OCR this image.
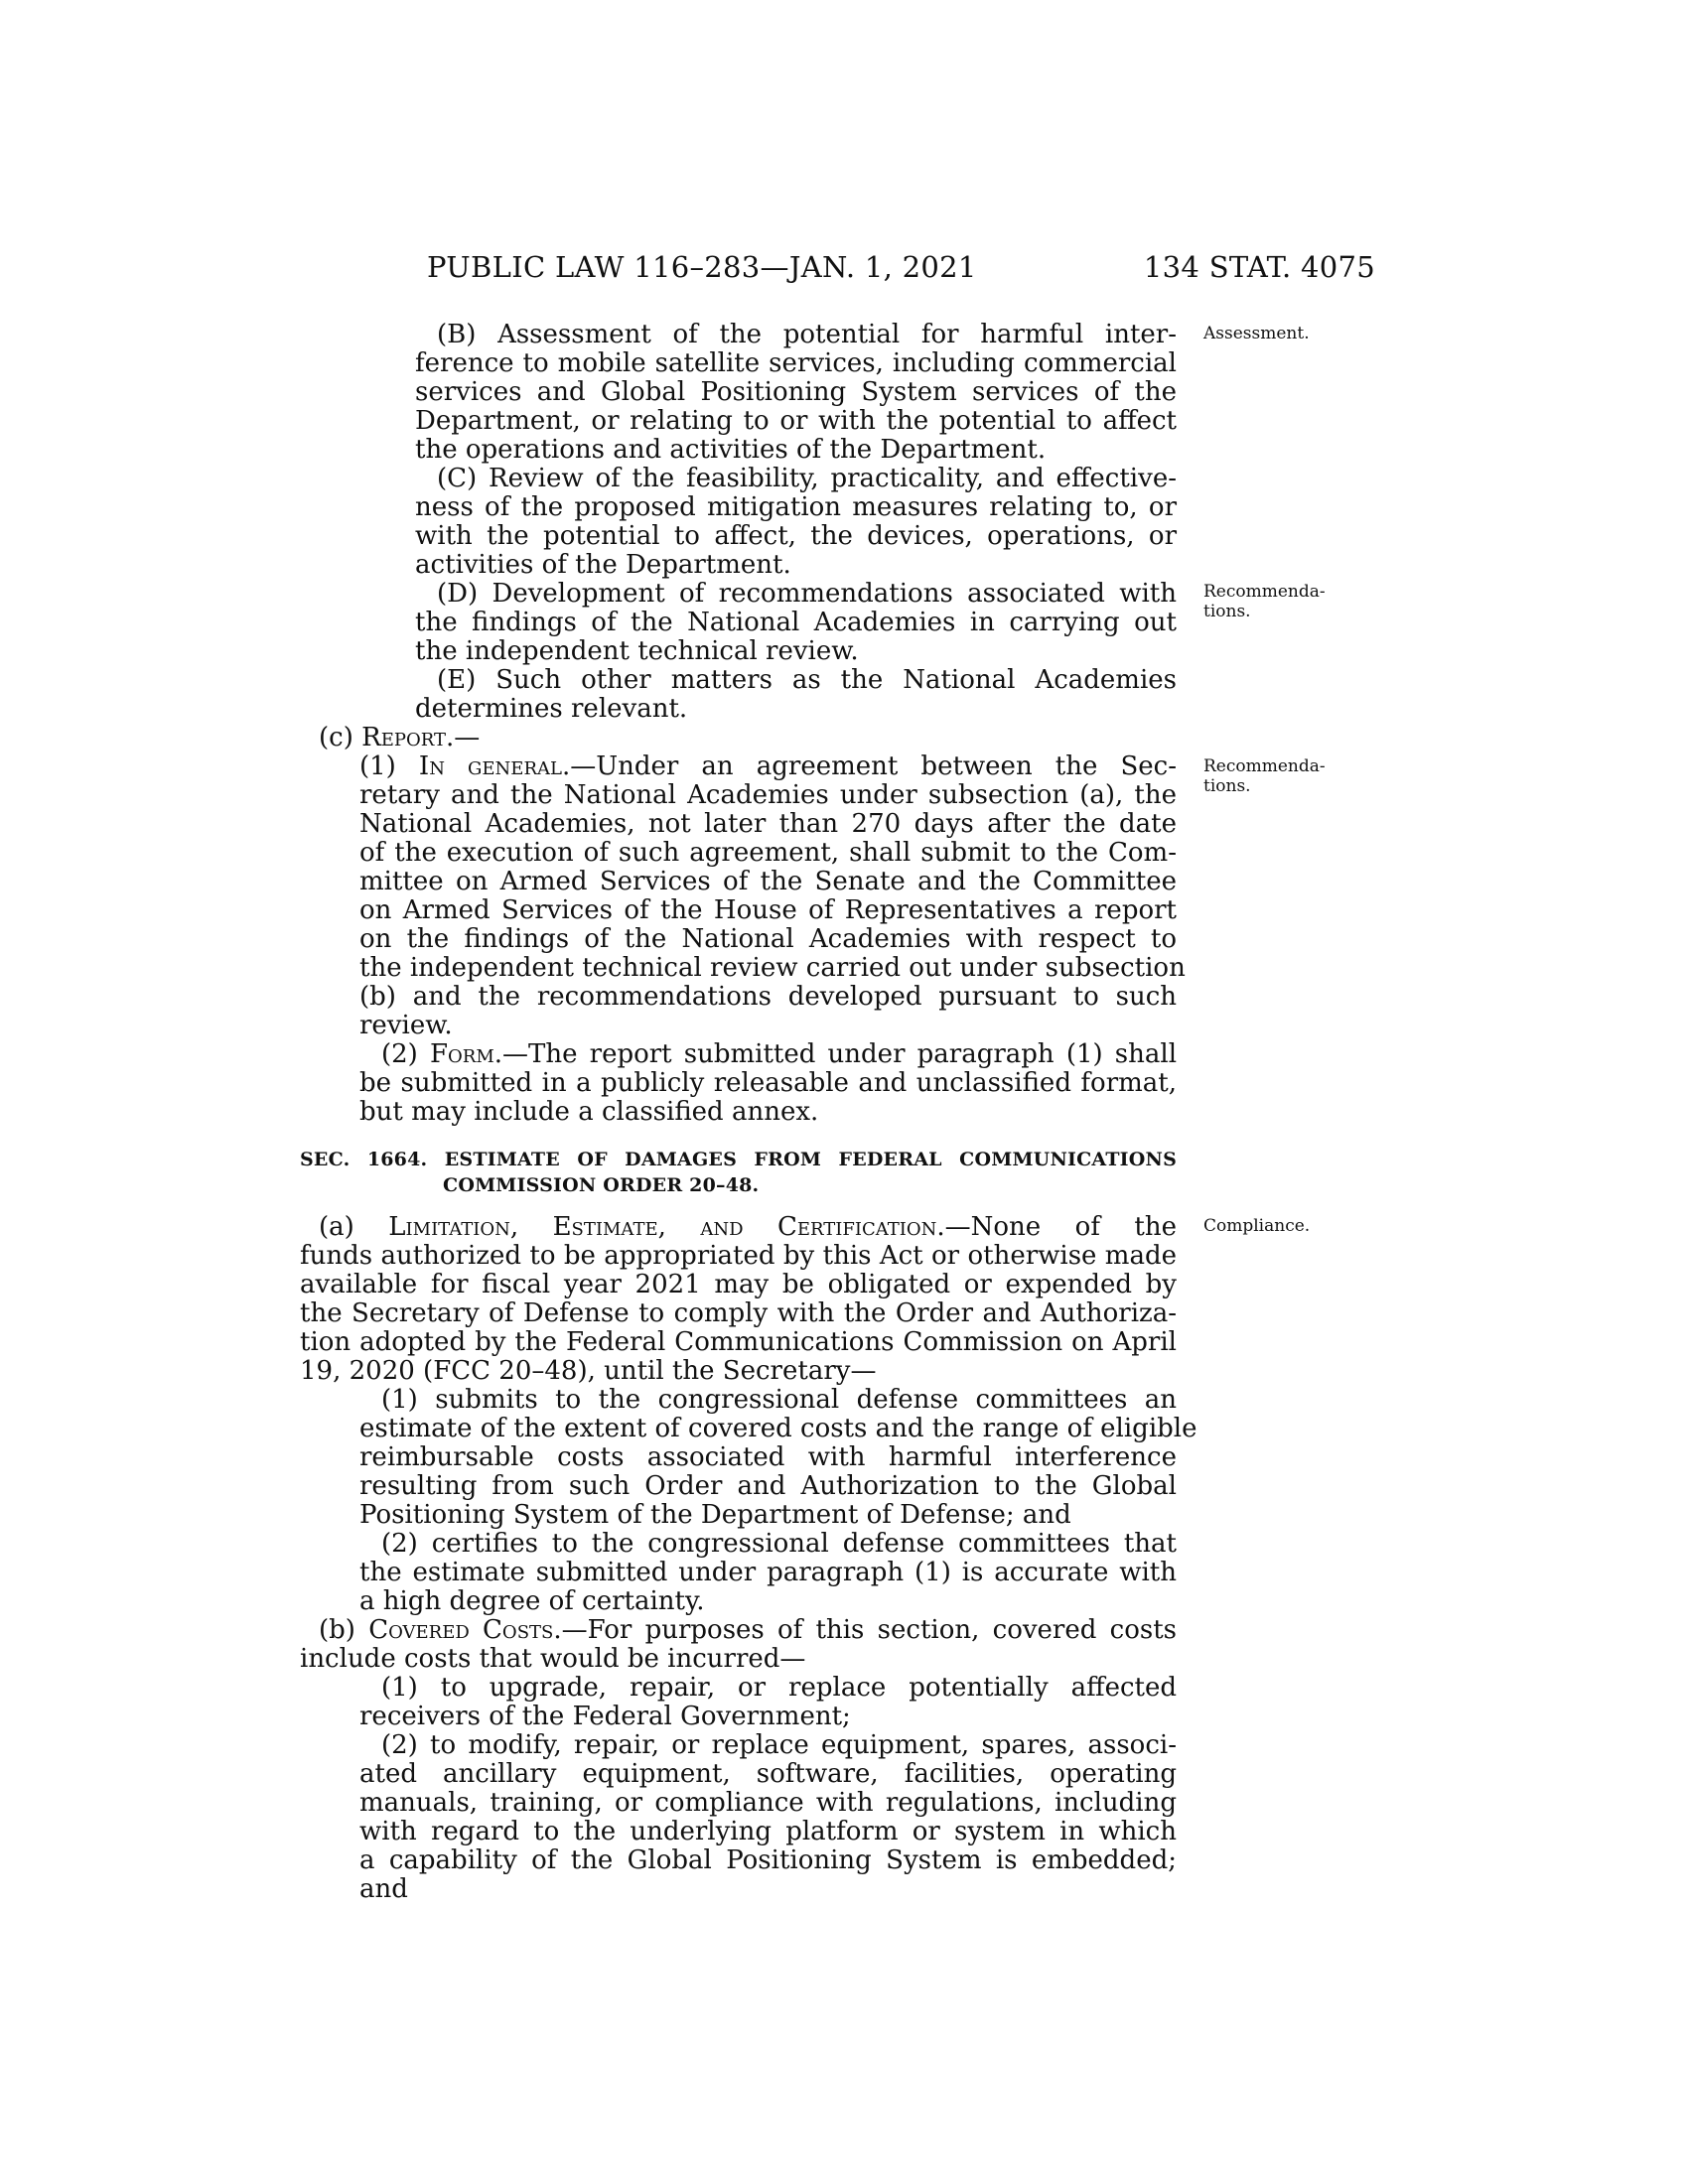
PUBLIC LAW 116–283—JAN. 1, 2021	134 STAT. 4075
Assessment.
Recommenda-
tions.
Recommenda-
tions.
Compliance.
(B) Assessment of the potential for harmful inter-
ference to mobile satellite services, including commercial
services and Global Positioning System services of the
Department, or relating to or with the potential to affect
the operations and activities of the Department.
(C) Review of the feasibility, practicality, and effective-
ness of the proposed mitigation measures relating to, or
with the potential to affect, the devices, operations, or
activities of the Department.
(D) Development of recommendations associated with
the findings of the National Academies in carrying out
the independent technical review.
(E) Such other matters as the National Academies
determines relevant.
(c) Report.—
(1) In general.—Under an agreement between the Sec-
retary and the National Academies under subsection (a), the
National Academies, not later than 270 days after the date
of the execution of such agreement, shall submit to the Com-
mittee on Armed Services of the Senate and the Committee
on Armed Services of the House of Representatives a report
on the findings of the National Academies with respect to
the independent technical review carried out under subsection
(b) and the recommendations developed pursuant to such
review.
(2) Form.—The report submitted under paragraph (1) shall
be submitted in a publicly releasable and unclassified format,
but may include a classified annex.
SEC. 1664. ESTIMATE OF DAMAGES FROM FEDERAL COMMUNICATIONS
COMMISSION ORDER 20–48.
(a) Limitation, Estimate, and Certification.—None of the
funds authorized to be appropriated by this Act or otherwise made
available for fiscal year 2021 may be obligated or expended by
the Secretary of Defense to comply with the Order and Authoriza-
tion adopted by the Federal Communications Commission on April
19, 2020 (FCC 20–48), until the Secretary—
(1) submits to the congressional defense committees an
estimate of the extent of covered costs and the range of eligible
reimbursable costs associated with harmful interference
resulting from such Order and Authorization to the Global
Positioning System of the Department of Defense; and
(2) certifies to the congressional defense committees that
the estimate submitted under paragraph (1) is accurate with
a high degree of certainty.
(b) Covered Costs.—For purposes of this section, covered costs
include costs that would be incurred—
(1) to upgrade, repair, or replace potentially affected
receivers of the Federal Government;
(2) to modify, repair, or replace equipment, spares, associ-
ated ancillary equipment, software, facilities, operating
manuals, training, or compliance with regulations, including
with regard to the underlying platform or system in which
a capability of the Global Positioning System is embedded;
and
